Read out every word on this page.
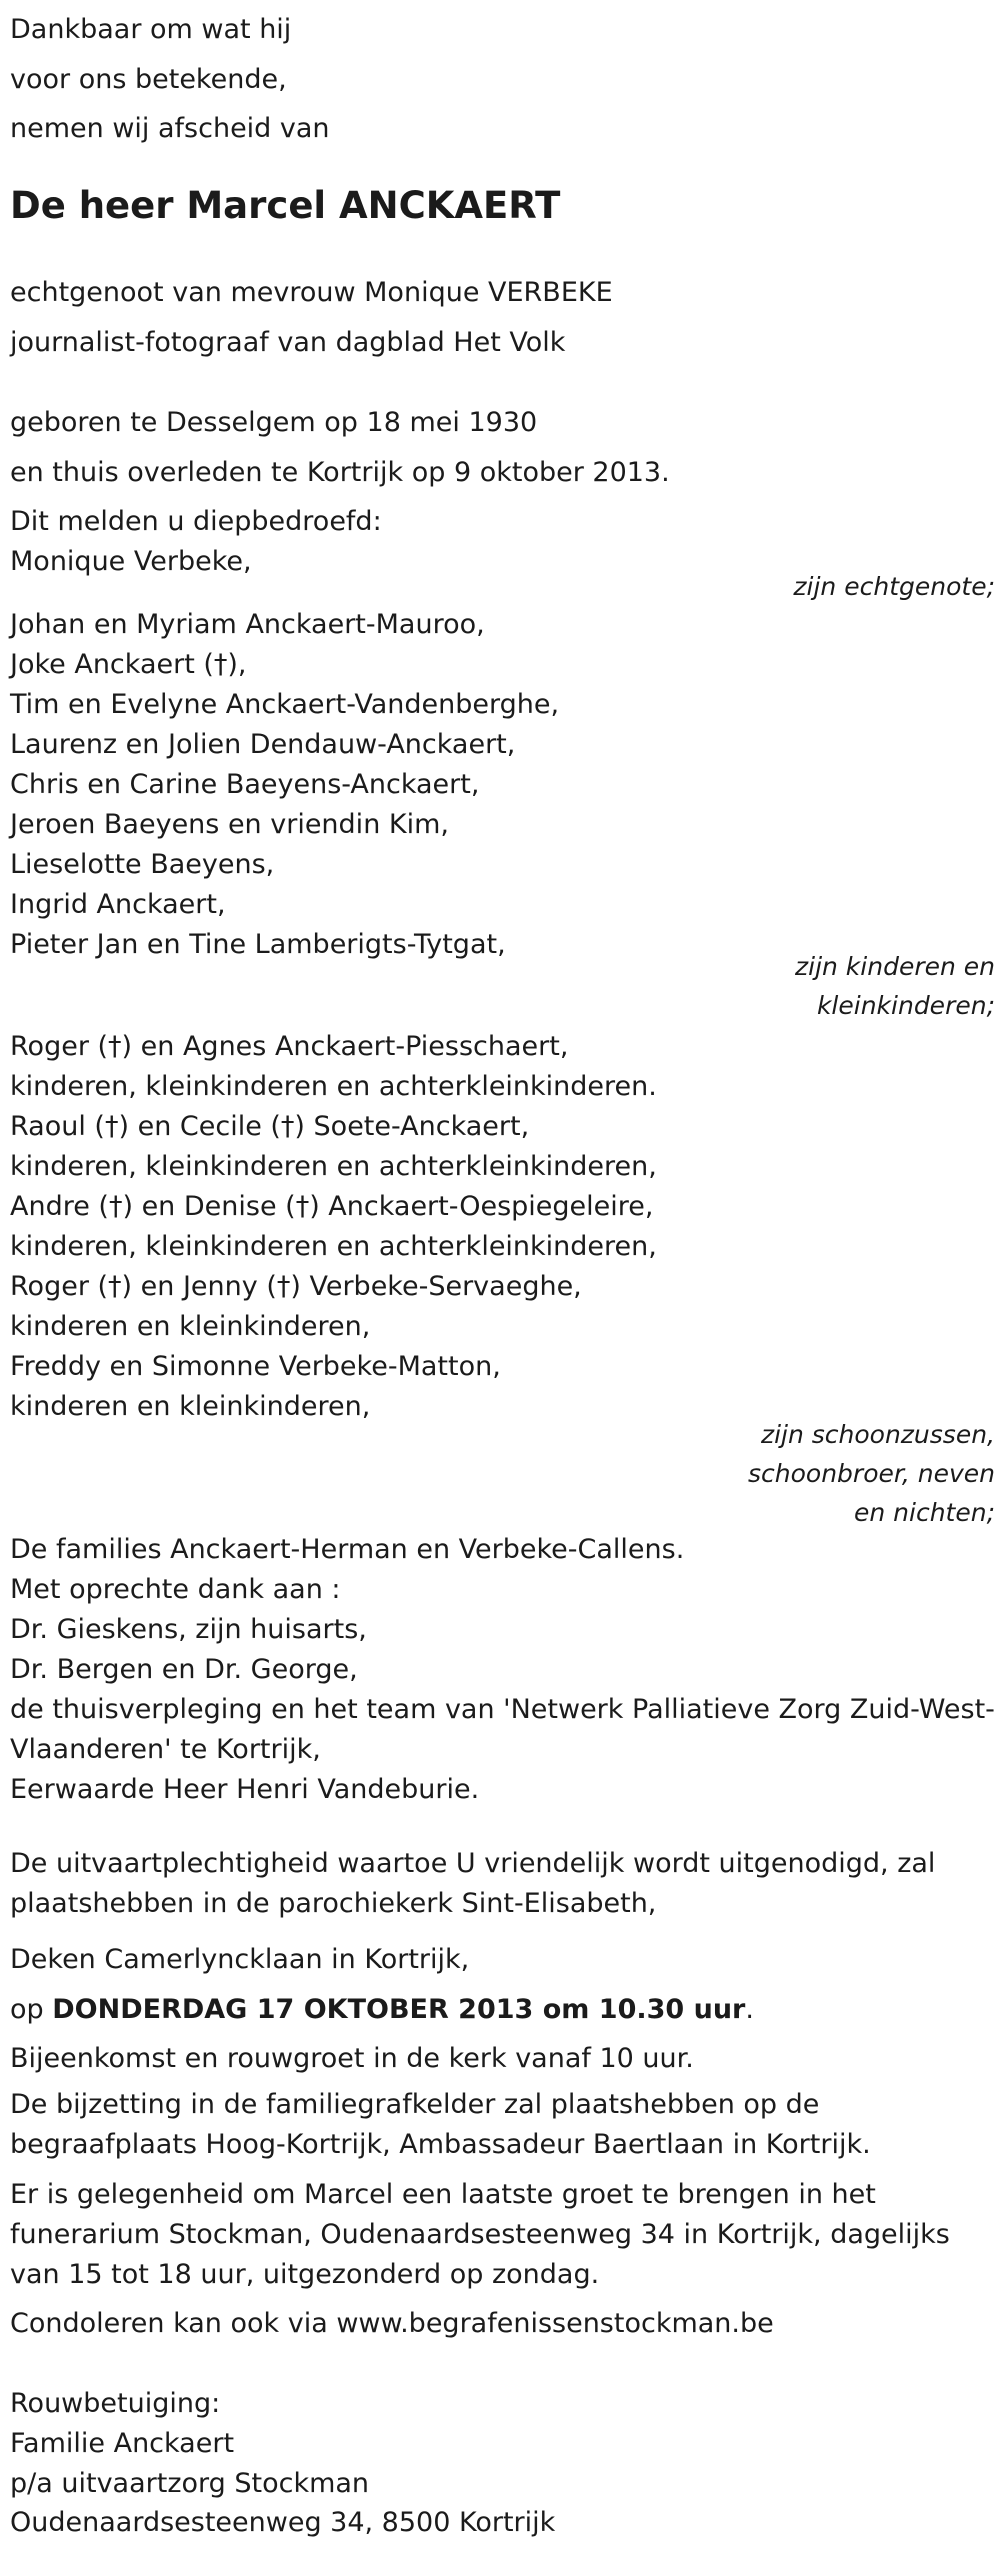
Dankbaar om wat hij
voor ons betekende,
nemen wij afscheid van
De heer Marcel ANCKAERT
echtgenoot van mevrouw Monique VERBEKE
journalist-fotograaf van dagblad Het Volk
geboren te Desselgem op 18 mei 1930
en thuis overleden te Kortrijk op 9 oktober 2013.
Dit melden u diepbedroefd:
Monique Verbeke,
zijn echtgenote;
Johan en Myriam Anckaert-Mauroo,
Joke Anckaert (†),
Tim en Evelyne Anckaert-Vandenberghe,
Laurenz en Jolien Dendauw-Anckaert,
Chris en Carine Baeyens-Anckaert,
Jeroen Baeyens en vriendin Kim,
Lieselotte Baeyens,
Ingrid Anckaert,
Pieter Jan en Tine Lamberigts-Tytgat,
zijn kinderen en
kleinkinderen;
Roger (†) en Agnes Anckaert-Piesschaert,
kinderen, kleinkinderen en achterkleinkinderen.
Raoul (†) en Cecile (†) Soete-Anckaert,
kinderen, kleinkinderen en achterkleinkinderen,
Andre (†) en Denise (†) Anckaert-Oespiegeleire,
kinderen, kleinkinderen en achterkleinkinderen,
Roger (†) en Jenny (†) Verbeke-Servaeghe,
kinderen en kleinkinderen,
Freddy en Simonne Verbeke-Matton,
kinderen en kleinkinderen,
zijn schoonzussen,
schoonbroer, neven
en nichten;
De families Anckaert-Herman en Verbeke-Callens.
Met oprechte dank aan :
Dr. Gieskens, zijn huisarts,
Dr. Bergen en Dr. George,
de thuisverpleging en het team van 'Netwerk Palliatieve Zorg Zuid-West-
Vlaanderen' te Kortrijk,
Eerwaarde Heer Henri Vandeburie.
De uitvaartplechtigheid waartoe U vriendelijk wordt uitgenodigd, zal
plaatshebben in de parochiekerk Sint-Elisabeth,
Deken Camerlyncklaan in Kortrijk,
op DONDERDAG 17 OKTOBER 2013 om 10.30 uur.
Bijeenkomst en rouwgroet in de kerk vanaf 10 uur.
De bijzetting in de familiegrafkelder zal plaatshebben op de
begraafplaats Hoog-Kortrijk, Ambassadeur Baertlaan in Kortrijk.
Er is gelegenheid om Marcel een laatste groet te brengen in het
funerarium Stockman, Oudenaardsesteenweg 34 in Kortrijk, dagelijks
van 15 tot 18 uur, uitgezonderd op zondag.
Condoleren kan ook via www.begrafenissenstockman.be
Rouwbetuiging:
Familie Anckaert
p/a uitvaartzorg Stockman
Oudenaardsesteenweg 34, 8500 Kortrijk
